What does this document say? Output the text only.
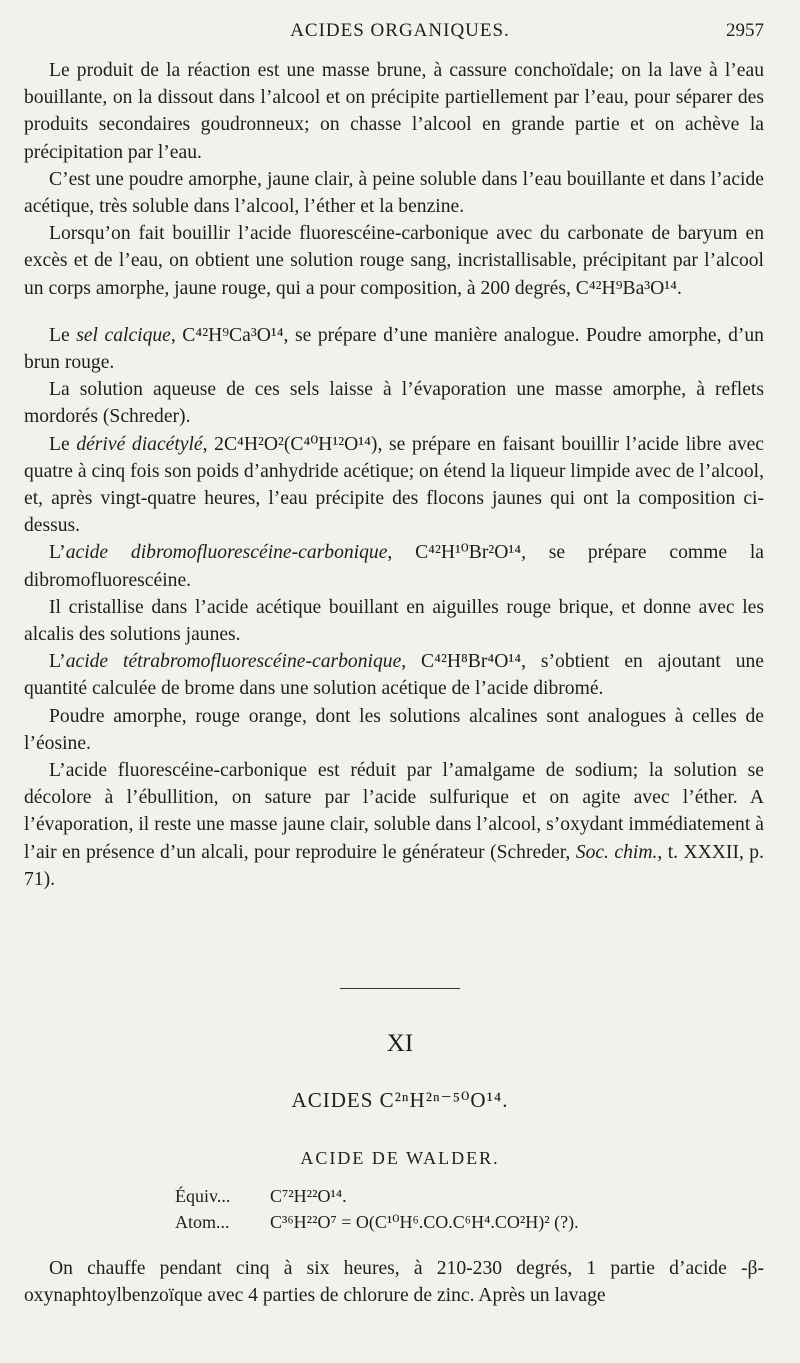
ACIDES ORGANIQUES.	2957

Le produit de la réaction est une masse brune, à cassure conchoïdale; on la lave à l’eau bouillante, on la dissout dans l’alcool et on précipite partiellement par l’eau, pour séparer des produits secondaires goudronneux; on chasse l’alcool en grande partie et on achève la précipitation par l’eau.

C’est une poudre amorphe, jaune clair, à peine soluble dans l’eau bouillante et dans l’acide acétique, très soluble dans l’alcool, l’éther et la benzine.

Lorsqu’on fait bouillir l’acide fluorescéine-carbonique avec du carbonate de baryum en excès et de l’eau, on obtient une solution rouge sang, incristallisable, précipitant par l’alcool un corps amorphe, jaune rouge, qui a pour composition, à 200 degrés, C⁴²H⁹Ba³O¹⁴.

Le sel calcique, C⁴²H⁹Ca³O¹⁴, se prépare d’une manière analogue. Poudre amorphe, d’un brun rouge.

La solution aqueuse de ces sels laisse à l’évaporation une masse amorphe, à reflets mordorés (Schreder).

Le dérivé diacétylé, 2C⁴H²O²(C⁴⁰H¹²O¹⁴), se prépare en faisant bouillir l’acide libre avec quatre à cinq fois son poids d’anhydride acétique; on étend la liqueur limpide avec de l’alcool, et, après vingt-quatre heures, l’eau précipite des flocons jaunes qui ont la composition ci-dessus.

L’acide dibromofluorescéine-carbonique, C⁴²H¹⁰Br²O¹⁴, se prépare comme la dibromofluorescéine.

Il cristallise dans l’acide acétique bouillant en aiguilles rouge brique, et donne avec les alcalis des solutions jaunes.

L’acide tétrabromofluorescéine-carbonique, C⁴²H⁸Br⁴O¹⁴, s’obtient en ajoutant une quantité calculée de brome dans une solution acétique de l’acide dibromé.

Poudre amorphe, rouge orange, dont les solutions alcalines sont analogues à celles de l’éosine.

L’acide fluorescéine-carbonique est réduit par l’amalgame de sodium; la solution se décolore à l’ébullition, on sature par l’acide sulfurique et on agite avec l’éther. A l’évaporation, il reste une masse jaune clair, soluble dans l’alcool, s’oxydant immédiatement à l’air en présence d’un alcali, pour reproduire le générateur (Schreder, Soc. chim., t. XXXII, p. 71).

XI
ACIDES C²ⁿH²ⁿ⁻⁵⁰O¹⁴.
ACIDE DE WALDER.
Équiv... C⁷²H²²O¹⁴.
Atom... C³⁶H²²O⁷ = O(C¹⁰H⁶.CO.C⁶H⁴.CO²H)² (?).

On chauffe pendant cinq à six heures, à 210-230 degrés, 1 partie d’acide -β-oxynaphtoylbenzoïque avec 4 parties de chlorure de zinc. Après un lavage
